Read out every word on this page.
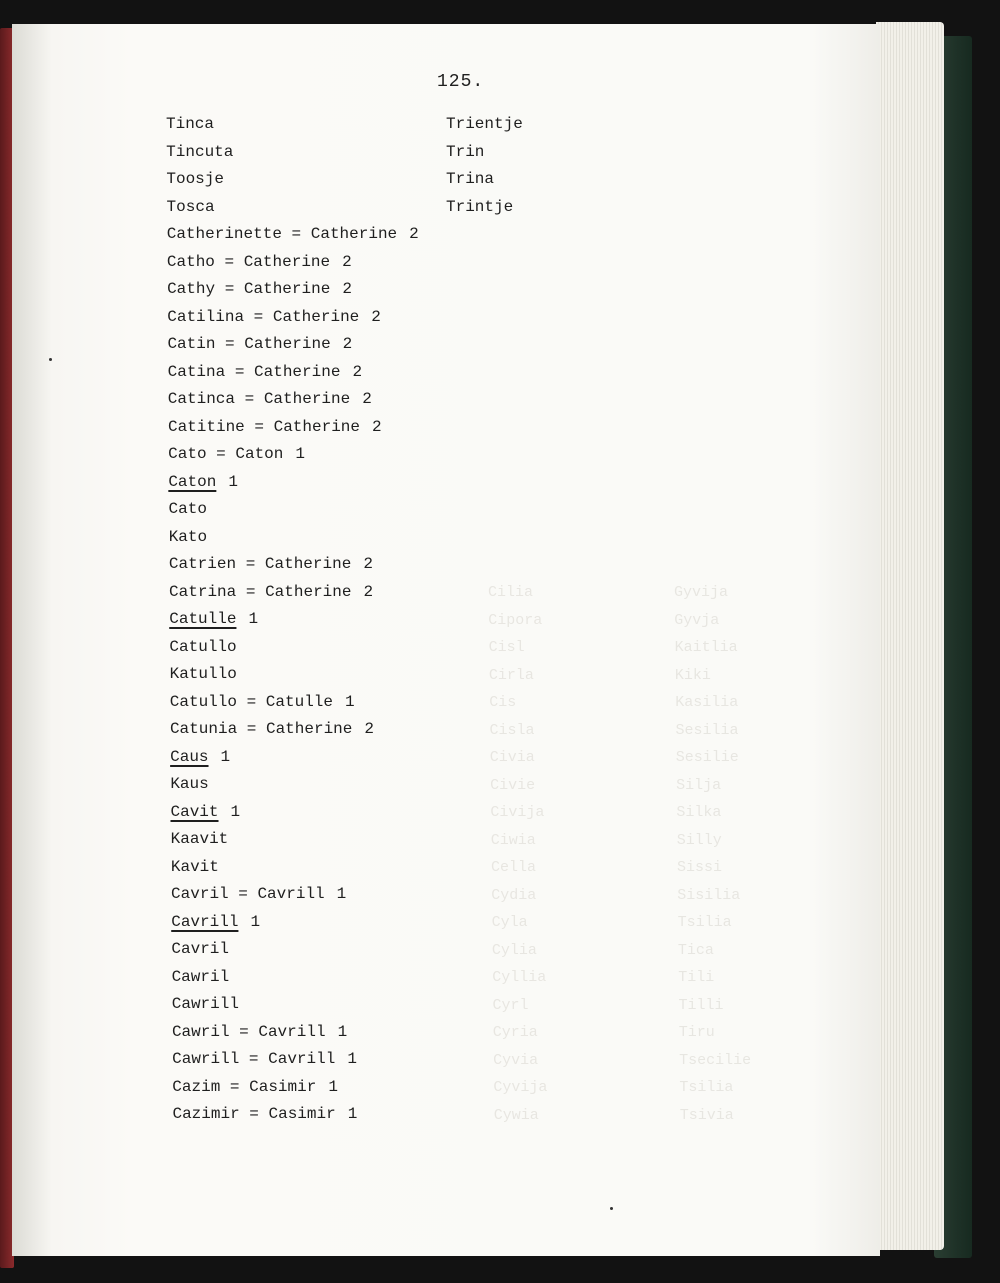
125.
Cilia
Cipora
Cisl
Cirla
Cis
Cisla
Civia
Civie
Civija
Ciwia
Cella
Cydia
Cyla
Cylia
Cyllia
Cyrl
Cyria
Cyvia
Cyvija
Cywia
Gyvija
Gyvja
Kaitlia
Kiki
Kasilia
Sesilia
Sesilie
Silja
Silka
Silly
Sissi
Sisilia
Tsilia
Tica
Tili
Tilli
Tiru
Tsecilie
Tsilia
Tsivia
Tinca
Tincuta
Toosje
Tosca
Catherinette = Catherine 2
Catho = Catherine 2
Cathy = Catherine 2
Catilina = Catherine 2
Catin = Catherine 2
Catina = Catherine 2
Catinca = Catherine 2
Catitine = Catherine 2
Cato = Caton 1
Caton 1
Cato
Kato
Catrien = Catherine 2
Catrina = Catherine 2
Catulle 1
Catullo
Katullo
Catullo = Catulle 1
Catunia = Catherine 2
Caus 1
Kaus
Cavit 1
Kaavit
Kavit
Cavril = Cavrill 1
Cavrill 1
Cavril
Cawril
Cawrill
Cawril = Cavrill 1
Cawrill = Cavrill 1
Cazim = Casimir 1
Cazimir = Casimir 1
Trientje
Trin
Trina
Trintje
